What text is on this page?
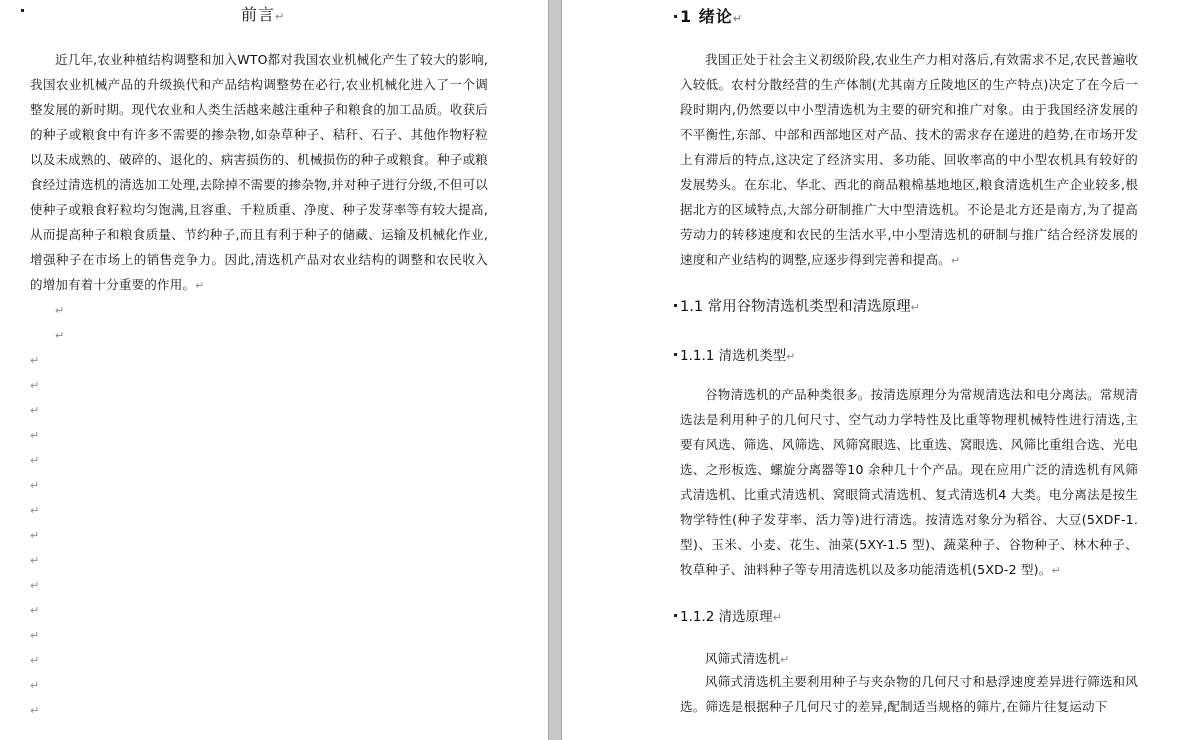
前言↵

近几年,农业种植结构调整和加入WTO都对我国农业机械化产生了较大的影响,我国农业机械产品的升级换代和产品结构调整势在必行,农业机械化进入了一个调整发展的新时期。现代农业和人类生活越来越注重种子和粮食的加工品质。收获后的种子或粮食中有许多不需要的掺杂物,如杂草种子、秸秆、石子、其他作物籽粒以及未成熟的、破碎的、退化的、病害损伤的、机械损伤的种子或粮食。种子或粮食经过清选机的清选加工处理,去除掉不需要的掺杂物,并对种子进行分级,不但可以使种子或粮食籽粒均匀饱满,且容重、千粒质重、净度、种子发芽率等有较大提高,从而提高种子和粮食质量、节约种子,而且有利于种子的储藏、运输及机械化作业,增强种子在市场上的销售竞争力。因此,清选机产品对农业结构的调整和农民收入的增加有着十分重要的作用。↵

↵
↵
↵
↵
↵
↵
↵
↵
↵
↵
↵
↵
↵
↵
↵
↵
↵
1 绪论↵

我国正处于社会主义初级阶段,农业生产力相对落后,有效需求不足,农民普遍收入较低。农村分散经营的生产体制(尤其南方丘陵地区的生产特点)决定了在今后一段时期内,仍然要以中小型清选机为主要的研究和推广对象。由于我国经济发展的不平衡性,东部、中部和西部地区对产品、技术的需求存在递进的趋势,在市场开发上有滞后的特点,这决定了经济实用、多功能、回收率高的中小型农机具有较好的发展势头。在东北、华北、西北的商品粮棉基地地区,粮食清选机生产企业较多,根据北方的区域特点,大部分研制推广大中型清选机。不论是北方还是南方,为了提高劳动力的转移速度和农民的生活水平,中小型清选机的研制与推广结合经济发展的速度和产业结构的调整,应逐步得到完善和提高。↵

1.1 常用谷物清选机类型和清选原理↵
1.1.1 清选机类型↵

谷物清选机的产品种类很多。按清选原理分为常规清选法和电分离法。常规清选法是利用种子的几何尺寸、空气动力学特性及比重等物理机械特性进行清选,主要有风选、筛选、风筛选、风筛窝眼选、比重选、窝眼选、风筛比重组合选、光电选、之形板选、螺旋分离器等10 余种几十个产品。现在应用广泛的清选机有风筛式清选机、比重式清选机、窝眼筒式清选机、复式清选机4 大类。电分离法是按生物学特性(种子发芽率、活力等)进行清选。按清选对象分为稻谷、大豆(5XDF-1.型)、玉米、小麦、花生、油菜(5XY-1.5 型)、蔬菜种子、谷物种子、林木种子、牧草种子、油料种子等专用清选机以及多功能清选机(5XD-2 型)。↵

1.1.2 清选原理↵
风筛式清选机↵

风筛式清选机主要利用种子与夹杂物的几何尺寸和悬浮速度差异进行筛选和风选。筛选是根据种子几何尺寸的差异,配制适当规格的筛片,在筛片往复运动下
